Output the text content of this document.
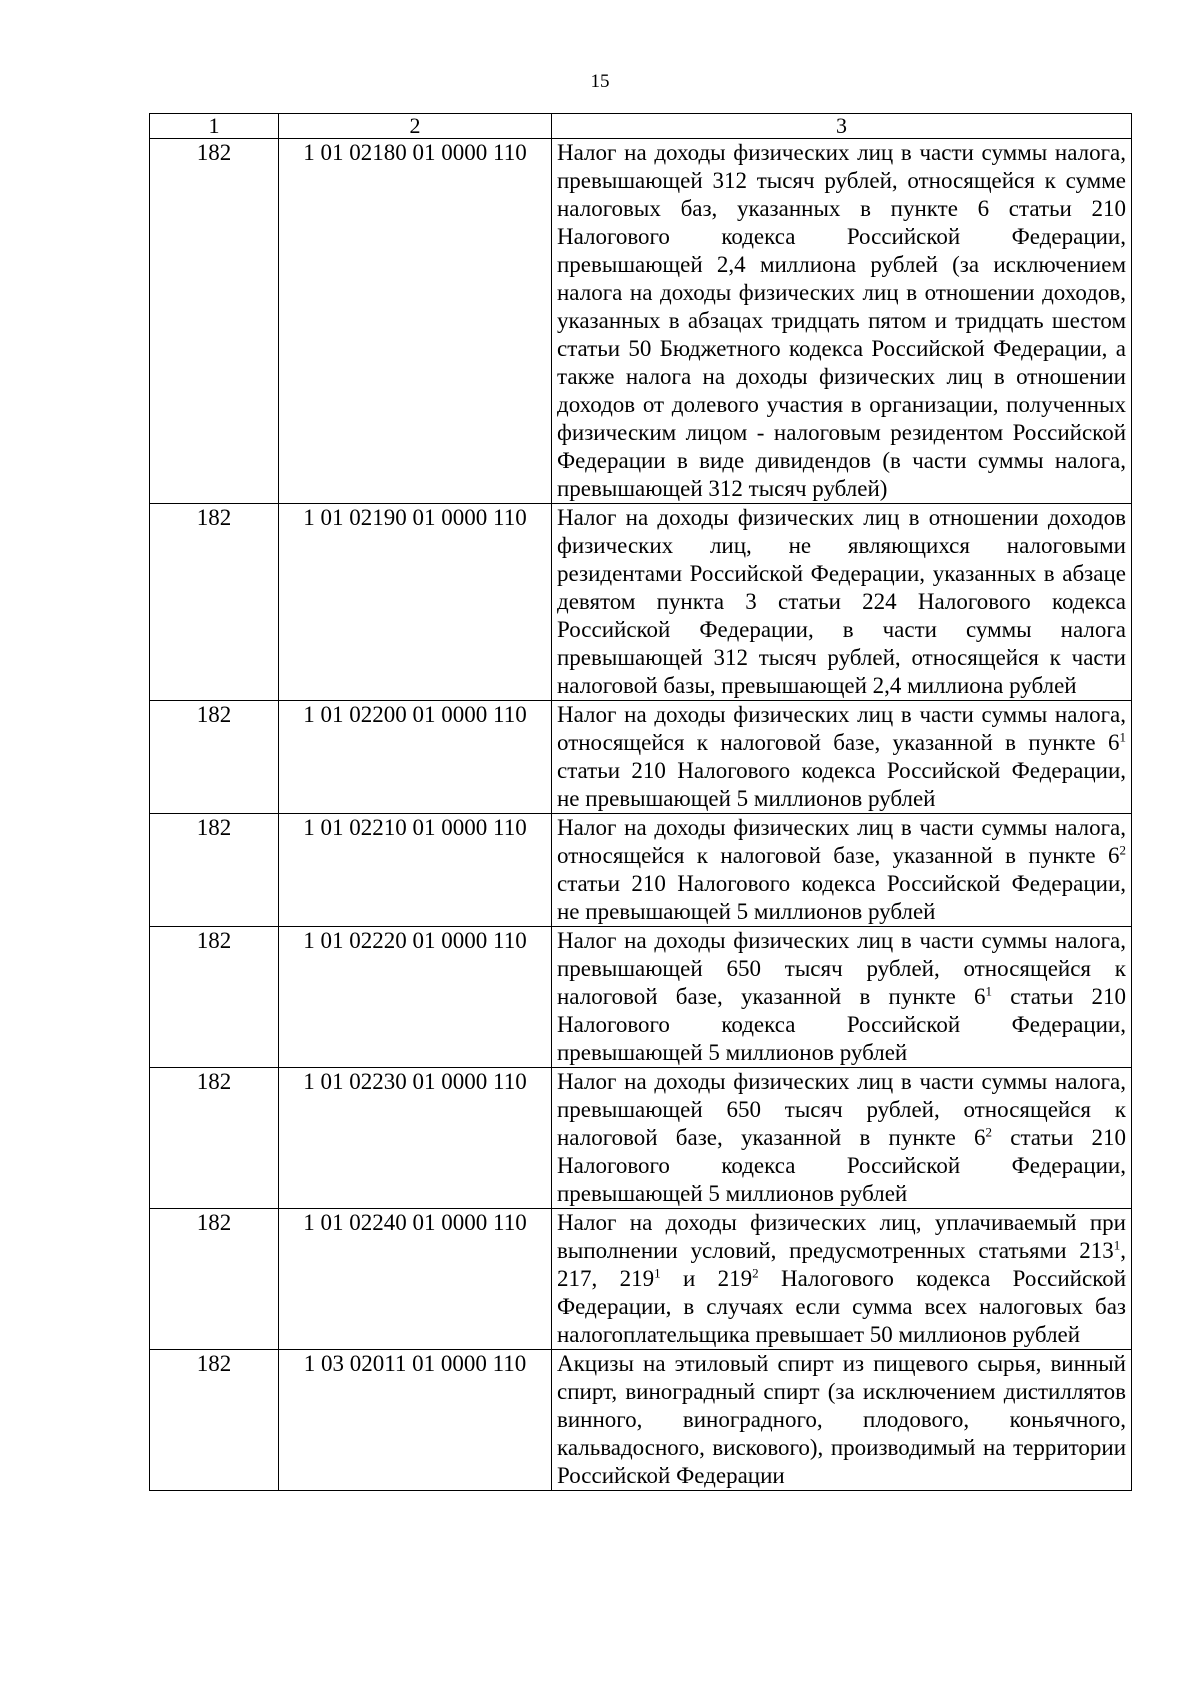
15
1	2	3
182	1 01 02180 01 0000 110	Налог на доходы физических лиц в части суммы налога, превышающей 312 тысяч рублей, относящейся к сумме налоговых баз, указанных в пункте 6 статьи 210 Налогового кодекса Российской Федерации, превышающей 2,4 миллиона рублей (за исключением налога на доходы физических лиц в отношении доходов, указанных в абзацах тридцать пятом и тридцать шестом статьи 50 Бюджетного кодекса Российской Федерации, а также налога на доходы физических лиц в отношении доходов от долевого участия в организации, полученных физическим лицом - налоговым резидентом Российской Федерации в виде дивидендов (в части суммы налога, превышающей 312 тысяч рублей)
182	1 01 02190 01 0000 110	Налог на доходы физических лиц в отношении доходов физических лиц, не являющихся налоговыми резидентами Российской Федерации, указанных в абзаце девятом пункта 3 статьи 224 Налогового кодекса Российской Федерации, в части суммы налога превышающей 312 тысяч рублей, относящейся к части налоговой базы, превышающей 2,4 миллиона рублей
182	1 01 02200 01 0000 110	Налог на доходы физических лиц в части суммы налога, относящейся к налоговой базе, указанной в пункте $6^1$ статьи 210 Налогового кодекса Российской Федерации, не превышающей 5 миллионов рублей
182	1 01 02210 01 0000 110	Налог на доходы физических лиц в части суммы налога, относящейся к налоговой базе, указанной в пункте $6^2$ статьи 210 Налогового кодекса Российской Федерации, не превышающей 5 миллионов рублей
182	1 01 02220 01 0000 110	Налог на доходы физических лиц в части суммы налога, превышающей 650 тысяч рублей, относящейся к налоговой базе, указанной в пункте $6^1$ статьи 210 Налогового кодекса Российской Федерации, превышающей 5 миллионов рублей
182	1 01 02230 01 0000 110	Налог на доходы физических лиц в части суммы налога, превышающей 650 тысяч рублей, относящейся к налоговой базе, указанной в пункте $6^2$ статьи 210 Налогового кодекса Российской Федерации, превышающей 5 миллионов рублей
182	1 01 02240 01 0000 110	Налог на доходы физических лиц, уплачиваемый при выполнении условий, предусмотренных статьями $213^1$, 217, $219^1$ и $219^2$ Налогового кодекса Российской Федерации, в случаях если сумма всех налоговых баз налогоплательщика превышает 50 миллионов рублей
182	1 03 02011 01 0000 110	Акцизы на этиловый спирт из пищевого сырья, винный спирт, виноградный спирт (за исключением дистиллятов винного, виноградного, плодового, коньячного, кальвадосного, вискового), производимый на территории Российской Федерации
